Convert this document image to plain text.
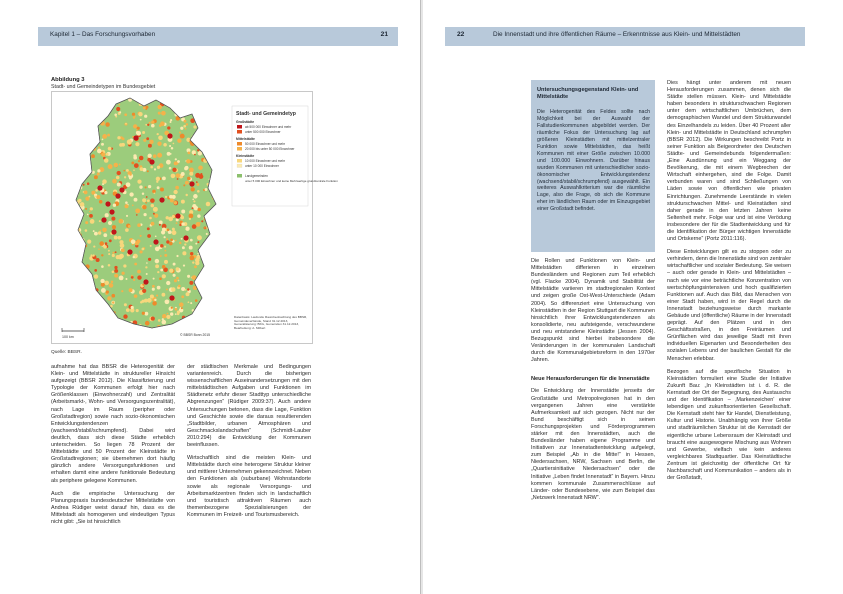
Kapitel 1 – Das Forschungsvorhaben	21
Abbildung 3
Stadt- und Gemeindetypen im Bundesgebiet
Stadt- und Gemeindetyp
Großstädte
ab 500 000 Einwohner und mehr
unter 500 000 Einwohner
Mittelstädte
50 000 Einwohner und mehr
20 000 bis unter 50 000 Einwohner
Kleinstädte
10 000 Einwohner und mehr
unter 10 000 Einwohner
Landgemeinden
unter 5 000 Einwohner und keine Mehrwertige grundzentrale Funktion
100 km
Datenbasis: Laufende Raumbeobachtung des BBSR, Gemeindeverbände, Stand 31.12.2013, Generalisierung: BKG, Gemeinden 31.12.2013, Bearbeitung: A. Milbert
© BBSR Bonn 2015
Quelle: BBSR.

aufnahme hat das BBSR die Heterogenität der Klein- und Mittelstädte in struktureller Hinsicht aufgezeigt (BBSR 2012). Die Klassifizierung und Typologie der Kommunen erfolgt hier nach Größenklassen (Einwohnerzahl) und Zentralität (Arbeitsmarkt-, Wohn- und Versorgungszentralität), nach Lage im Raum (peripher oder Großstadtregion) sowie nach sozio-ökonomischen Entwicklungstendenzen (wachsend/stabil/schrumpfend). Dabei wird deutlich, dass sich diese Städte erheblich unterscheiden. So liegen 78 Prozent der Mittelstädte und 50 Prozent der Kleinstädte in Großstadtregionen; sie übernehmen dort häufig gänzlich andere Versorgungsfunktionen und erhalten damit eine andere funktionale Bedeutung als periphere gelegene Kommunen.

Auch die empirische Untersuchung der Planungspraxis bundesdeutscher Mittelstädte von Andrea Rüdiger weist darauf hin, dass es die Mittelstadt als homogenen und eindeutigen Typus nicht gibt: „Sie ist hinsichtlich

der städtischen Merkmale und Bedingungen variantenreich. Durch die bisherigen wissenschaftlichen Auseinandersetzungen mit den mittelstädtischen Aufgaben und Funktionen im Städtenetz erfuhr dieser Stadttyp unterschiedliche Abgrenzungen“ (Rüdiger 2009:37). Auch andere Untersuchungen betonen, dass die Lage, Funktion und Geschichte sowie die daraus resultierenden „Stadtbilder, urbanen Atmosphären und Geschmackslandschaften“ (Schmidt-Lauber 2010:294) die Entwicklung der Kommunen beeinflussen.

Wirtschaftlich sind die meisten Klein- und Mittelstädte durch eine heterogene Struktur kleiner und mittlerer Unternehmen gekennzeichnet. Neben den Funktionen als (suburbane) Wohnstandorte sowie als regionale Versorgungs- und Arbeitsmarktzentren finden sich in landschaftlich und touristisch attraktiven Räumen auch themenbezogene Spezialisierungen der Kommunen im Freizeit- und Tourismusbereich.

22	Die Innenstadt und ihre öffentlichen Räume – Erkenntnisse aus Klein- und Mittelstädten
Untersuchungsgegenstand Klein- und Mittelstädte

Die Heterogenität des Feldes sollte nach Möglichkeit bei der Auswahl der Fallstudienkommunen abgebildet werden. Der räumliche Fokus der Untersuchung lag auf größeren Kleinstädten mit mittelzentraler Funktion sowie Mittelstädten, das heißt Kommunen mit einer Größe zwischen 10.000 und 100.000 Einwohnern. Darüber hinaus wurden Kommunen mit unterschiedlicher sozio-ökonomischer Entwicklungstendenz (wachsend/stabil/schrumpfend) ausgewählt. Ein weiteres Auswahlkriterium war die räumliche Lage, also die Frage, ob sich die Kommune eher im ländlichen Raum oder im Einzugsgebiet einer Großstadt befindet.

Die Rollen und Funktionen von Klein- und Mittelstädten differieren in einzelnen Bundesländern und Regionen zum Teil erheblich (vgl. Flacke 2004). Dynamik und Stabilität der Mittelstädte variieren im stadtregionalen Kontext und zeigen große Ost-West-Unterschiede (Adam 2004). So differenziert eine Untersuchung von Kleinstädten in der Region Stuttgart die Kommunen hinsichtlich ihrer Entwicklungstendenzen als konsolidierte, neu aufsteigende, verschwundene und neu entstandene Kleinstädte (Jessen 2004). Bezugspunkt sind hierbei insbesondere die Veränderungen in der kommunalen Landschaft durch die Kommunalgebietsreform in den 1970er Jahren.

Neue Herausforderungen für die Innenstädte

Die Entwicklung der Innenstädte jenseits der Großstädte und Metropolregionen hat in den vergangenen Jahren eine verstärkte Aufmerksamkeit auf sich gezogen. Nicht nur der Bund beschäftigt sich in seinen Forschungsprojekten und Förderprogrammen stärker mit den Innenstädten, auch die Bundesländer haben eigene Programme und Initiativen zur Innenstadtentwicklung aufgelegt, zum Beispiel „Ab in die Mitte!“ in Hessen, Niedersachsen, NRW, Sachsen und Berlin, die „Quartiersinitiative Niedersachsen“ oder die Initiative „Leben findet Innenstadt“ in Bayern. Hinzu kommen kommunale Zusammenschlüsse auf Länder- oder Bundesebene, wie zum Beispiel das „Netzwerk Innenstadt NRW“.

Dies hängt unter anderem mit neuen Herausforderungen zusammen, denen sich die Städte stellen müssen. Klein- und Mittelstädte haben besonders in strukturschwachen Regionen unter dem wirtschaftlichen Umbrüchen, dem demographischen Wandel und dem Strukturwandel des Einzelhandels zu leiden. Über 40 Prozent aller Klein- und Mittelstädte in Deutschland schrumpfen (BBSR 2012). Die Wirkungen beschreibt Portz in seiner Funktion als Beigeordneter des Deutschen Städte- und Gemeindebunds folgendermaßen: „Eine Ausdünnung und ein Weggang der Bevölkerung, die mit einem Wegbrechen der Wirtschaft einhergehen, sind die Folge. Damit verbunden waren und sind Schließungen von Läden sowie von öffentlichen wie privaten Einrichtungen. Zunehmende Leerstände in vielen strukturschwachen Mittel- und Kleinstädten sind daher gerade in den letzten Jahren keine Seltenheit mehr. Folge war und ist eine Verödung insbesondere der für die Stadtentwicklung und für die Identifikation der Bürger wichtigen Innenstädte und Ortskerne“ (Portz 2011:116).

Diese Entwicklungen gilt es zu stoppen oder zu verhindern, denn die Innenstädte sind von zentraler wirtschaftlicher und sozialer Bedeutung. Sie weisen – auch oder gerade in Klein- und Mittelstädten – nach wie vor eine beträchtliche Konzentration von wertschöpfungsintensiven und hoch qualifizierten Funktionen auf. Auch das Bild, das Menschen von einer Stadt haben, wird in der Regel durch die Innenstadt beziehungsweise durch markante Gebäude und (öffentliche) Räume in der Innenstadt geprägt. Auf den Plätzen und in den Geschäftsstraßen, in den Freiräumen und Grünflächen wird das jeweilige Stadt mit ihren individuellen Eigenarten und Besonderheiten des sozialen Lebens und der baulichen Gestalt für die Menschen erlebbar.

Bezogen auf die spezifische Situation in Kleinstädten formuliert eine Studie der Initiative Zukunft Bau: „In Kleinstädten ist i. d. R. die Kernstadt der Ort der Begegnung, des Austauschs und der Identifikation – ‚Markenzeichen‘ einer lebendigen und zukunftsorientierten Gesellschaft. Die Kernstadt steht hier für Handel, Dienstleistung, Kultur und Historie. Unabhängig von ihrer Größe und stadträumlichen Struktur ist die Kernstadt der eigentliche urbane Lebensraum der Kleinstadt und braucht eine ausgewogene Mischung aus Wohnen und Gewerbe, vielfach wie kein anderes vergleichbares Stadtquartier. Das Kleinstädtische Zentrum ist gleichzeitig der öffentliche Ort für Nachbarschaft und Kommunikation – anders als in der Großstadt,
